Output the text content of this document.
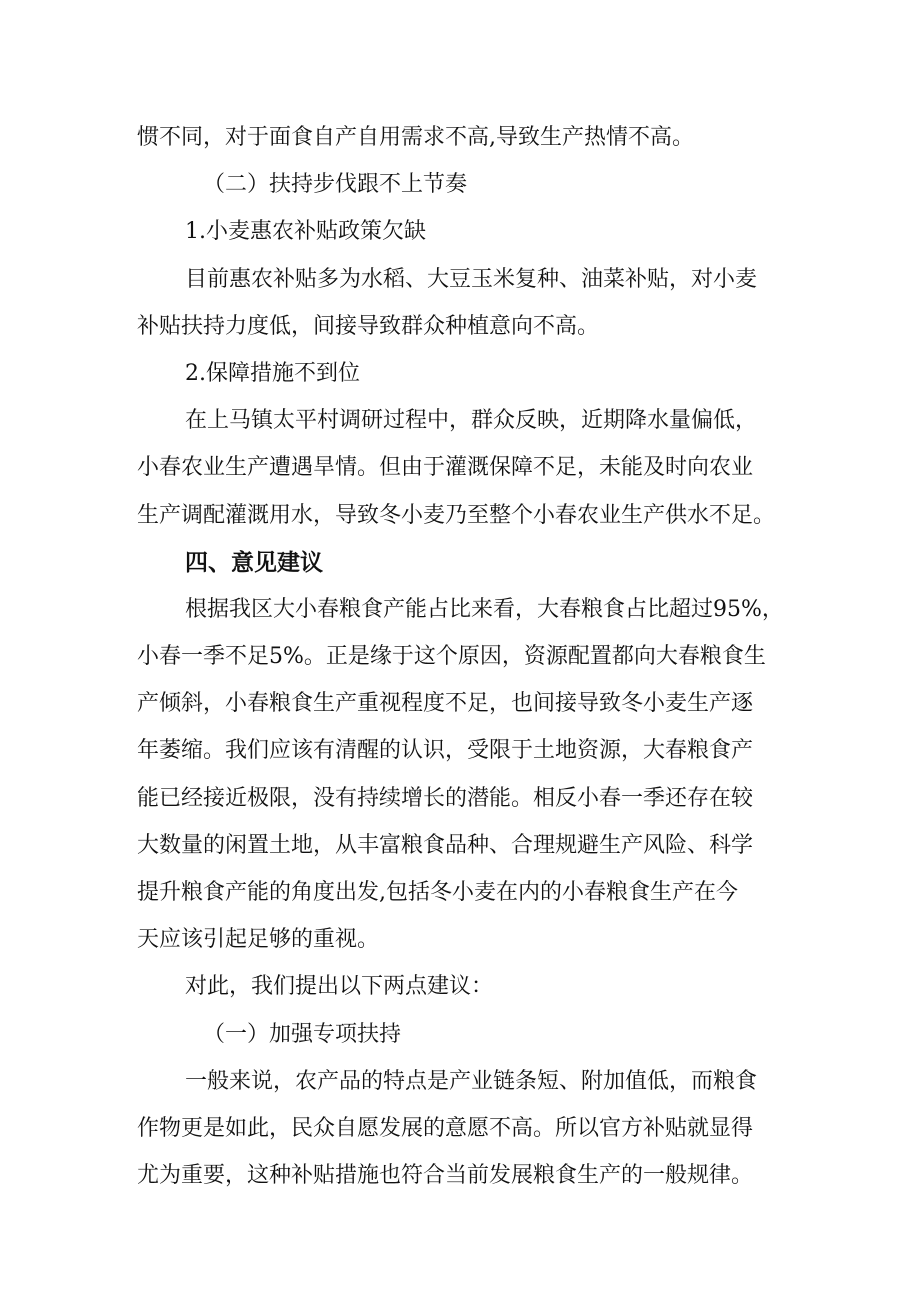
惯不同，对于面食自产自用需求不高,导致生产热情不高。
（二）扶持步伐跟不上节奏
1.小麦惠农补贴政策欠缺
目前惠农补贴多为水稻、大豆玉米复种、油菜补贴，对小麦
补贴扶持力度低，间接导致群众种植意向不高。
2.保障措施不到位
在上马镇太平村调研过程中，群众反映，近期降水量偏低，
小春农业生产遭遇旱情。但由于灌溉保障不足，未能及时向农业
生产调配灌溉用水，导致冬小麦乃至整个小春农业生产供水不足。
四、意见建议
根据我区大小春粮食产能占比来看，大春粮食占比超过95%，
小春一季不足5%。正是缘于这个原因，资源配置都向大春粮食生
产倾斜，小春粮食生产重视程度不足，也间接导致冬小麦生产逐
年萎缩。我们应该有清醒的认识，受限于土地资源，大春粮食产
能已经接近极限，没有持续增长的潜能。相反小春一季还存在较
大数量的闲置土地，从丰富粮食品种、合理规避生产风险、科学
提升粮食产能的角度出发,包括冬小麦在内的小春粮食生产在今
天应该引起足够的重视。
对此，我们提出以下两点建议：
（一）加强专项扶持
一般来说，农产品的特点是产业链条短、附加值低，而粮食
作物更是如此，民众自愿发展的意愿不高。所以官方补贴就显得
尤为重要，这种补贴措施也符合当前发展粮食生产的一般规律。
